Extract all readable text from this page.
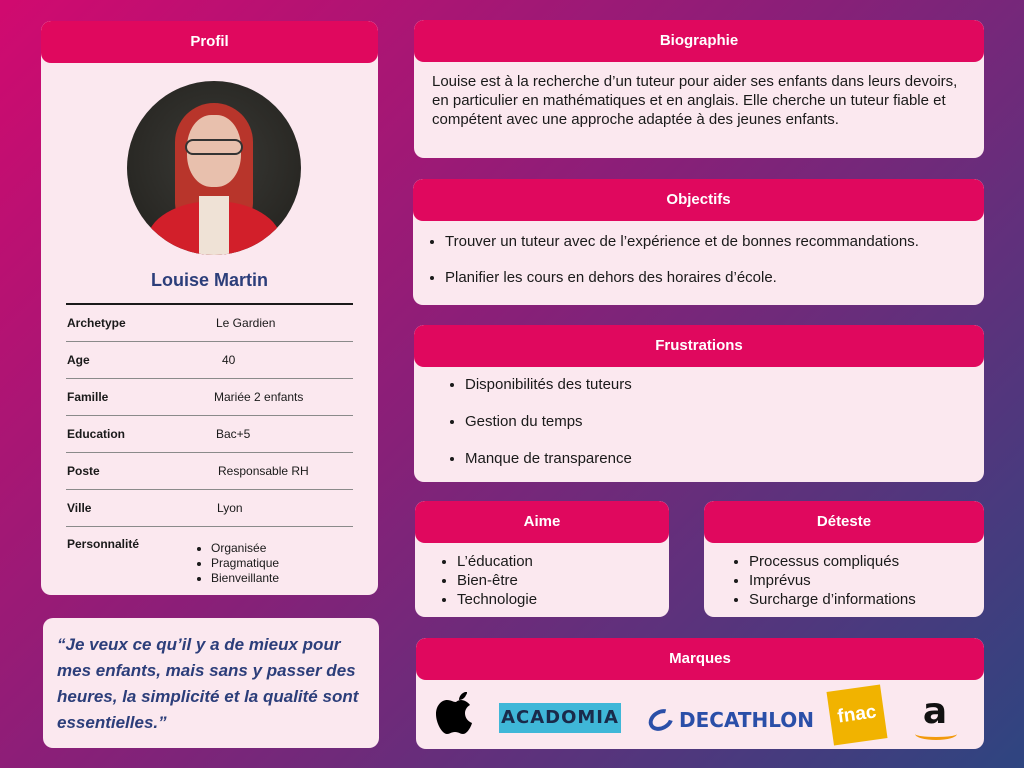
Profil
Louise Martin
Archetype	Le Gardien
Age	40
Famille	Mariée 2 enfants
Education	Bac+5
Poste	Responsable RH
Ville	Lyon
Personnalité
•	Organisée
• Pragmatique
• Bienveillante

“Je veux ce qu’il y a de mieux pour mes enfants, mais sans y passer des heures, la simplicité et la qualité sont essentielles.”

Biographie

Louise est à la recherche d’un tuteur pour aider ses enfants dans leurs devoirs, en particulier en mathématiques et en anglais. Elle cherche un tuteur fiable et compétent avec une approche adaptée à des jeunes enfants.

Objectifs
• Trouver un tuteur avec de l’expérience et de bonnes recommandations.
• Planifier les cours en dehors des horaires d’école.
Frustrations
• Disponibilités des tuteurs
• Gestion du temps
• Manque de transparence
Aime
• L’éducation
• Bien-être
• Technologie
Déteste
• Processus compliqués
• Imprévus
• Surcharge d’informations
Marques
ACADOMIA	DECATHLON	fnac	a
